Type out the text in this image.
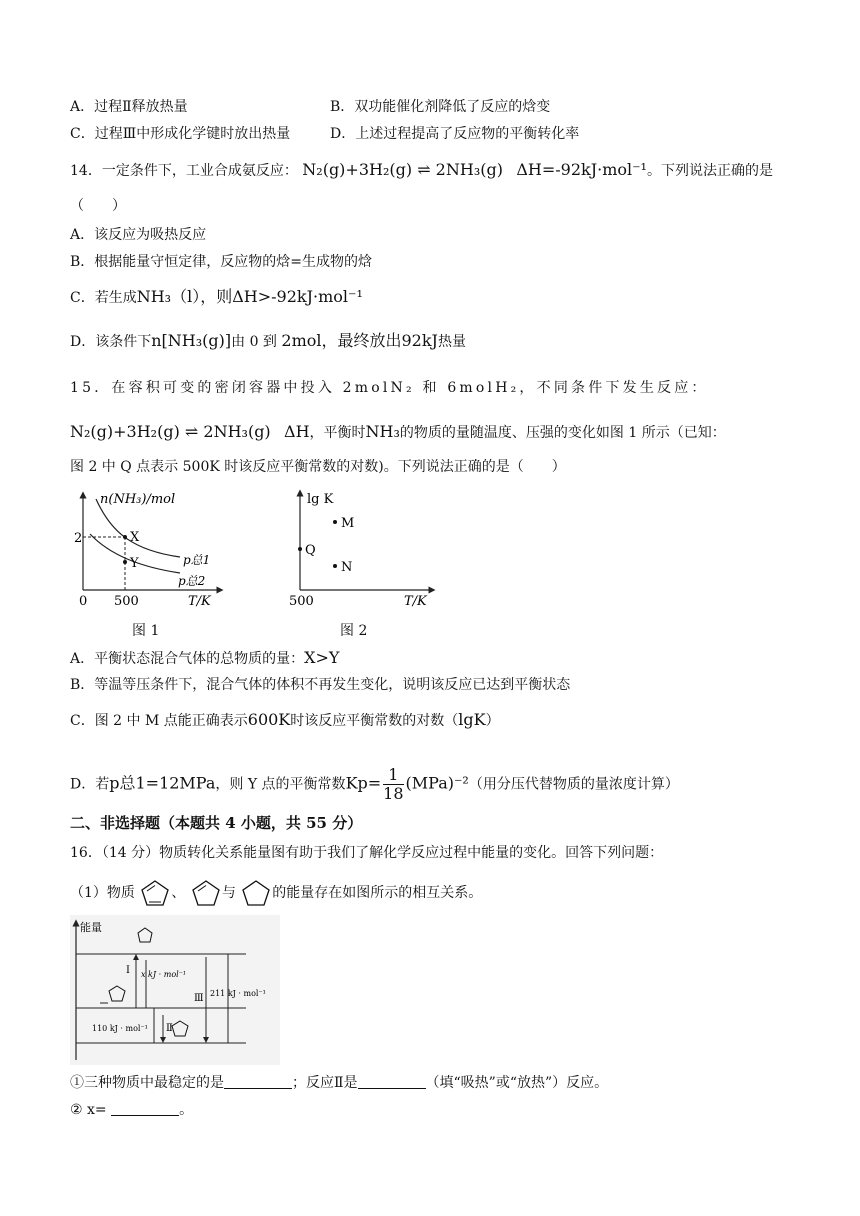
A．过程Ⅱ释放热量	B．双功能催化剂降低了反应的焓变
C．过程Ⅲ中形成化学键时放出热量	D．上述过程提高了反应物的平衡转化率
14．一定条件下，工业合成氨反应： N₂(g)+3H₂(g) ⇌ 2NH₃(g) ΔH=-92kJ·mol⁻¹。下列说法正确的是
（　　）
A．该反应为吸热反应
B．根据能量守恒定律，反应物的焓=生成物的焓
C．若生成NH₃（l），则ΔH>-92kJ·mol⁻¹
D．该条件下n[NH₃(g)]由 0 到 2mol，最终放出92kJ热量
15．在容积可变的密闭容器中投入 2molN₂ 和 6molH₂，不同条件下发生反应：
N₂(g)+3H₂(g) ⇌ 2NH₃(g) ΔH，平衡时NH₃的物质的量随温度、压强的变化如图 1 所示（已知：
图 2 中 Q 点表示 500K 时该反应平衡常数的对数)。下列说法正确的是（　　）
n(NH₃)/mol
2	X
Y	p总1
p总2
0 500	T/K
图 1
lg K
M
Q
N
500	T/K
图 2
A．平衡状态混合气体的总物质的量：X>Y
B．等温等压条件下，混合气体的体积不再发生变化，说明该反应已达到平衡状态
C．图 2 中 M 点能正确表示600K时该反应平衡常数的对数（lgK）
D．若p总1=12MPa，则 Y 点的平衡常数$Kp= \frac{1}{18} (MPa)^{-2}$（用分压代替物质的量浓度计算）
二、非选择题（本题共 4 小题，共 55 分）
16．（14 分）物质转化关系能量图有助于我们了解化学反应过程中能量的变化。回答下列问题：
（1）物质	、	与	的能量存在如图所示的相互关系。
能量
Ⅰ x kJ · mol⁻¹
Ⅱ
110 kJ · mol⁻¹
Ⅲ 211 kJ · mol⁻¹
①三种物质中最稳定的是	；反应Ⅱ是	（填“吸热”或“放热”）反应。
② x=	。
